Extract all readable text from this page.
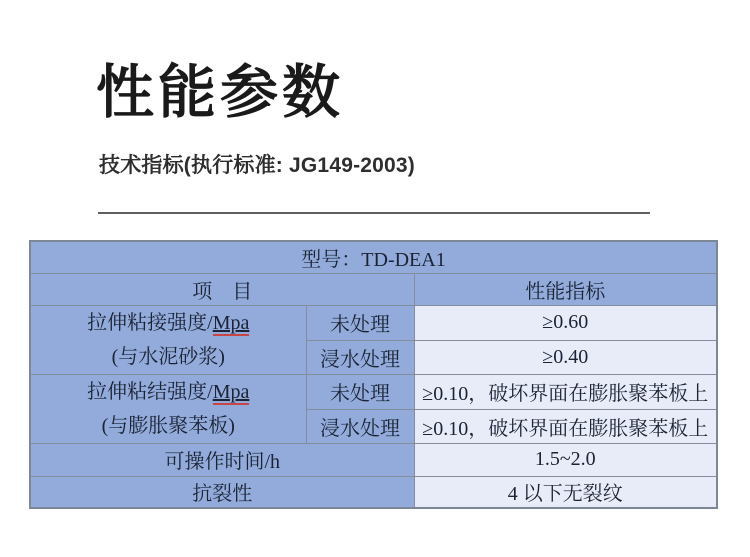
性能参数
技术指标(执行标准: JG149-2003)
型号：TD-DEA1		
项　目		性能指标

拉伸粘接强度/Mpa
(与水泥砂浆)	未处理	≥0.60
	浸水处理	≥0.40

拉伸粘结强度/Mpa
(与膨胀聚苯板)	未处理	≥0.10，破坏界面在膨胀聚苯板上
	浸水处理	≥0.10，破坏界面在膨胀聚苯板上
可操作时间/h		1.5~2.0
抗裂性		4 以下无裂纹
